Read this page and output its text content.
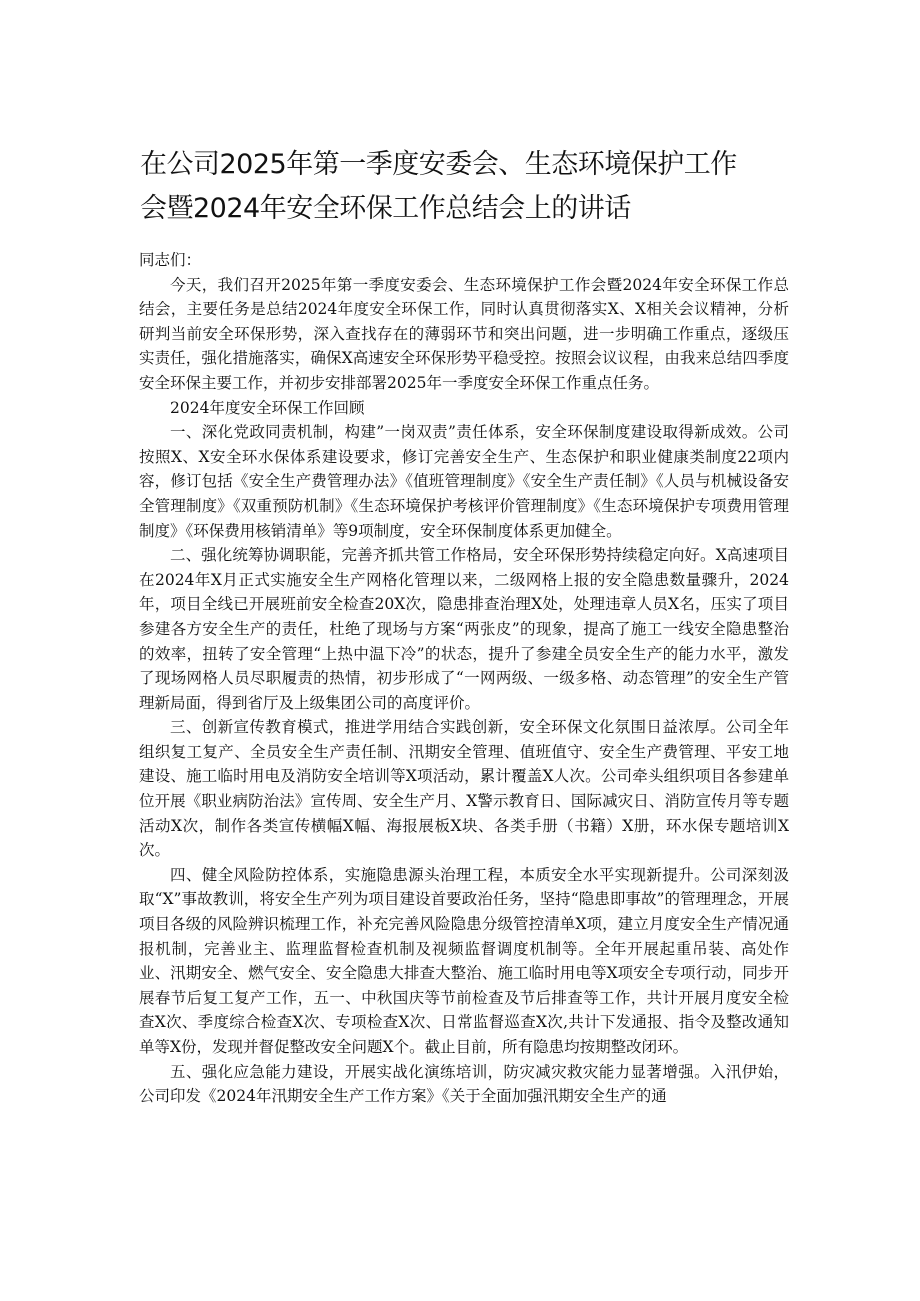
在公司2025年第一季度安委会、生态环境保护工作
会暨2024年安全环保工作总结会上的讲话

同志们：

今天，我们召开2025年第一季度安委会、生态环境保护工作会暨2024年安全环保工作总结会，主要任务是总结2024年度安全环保工作，同时认真贯彻落实X、X相关会议精神，分析研判当前安全环保形势，深入查找存在的薄弱环节和突出问题，进一步明确工作重点，逐级压实责任，强化措施落实，确保X高速安全环保形势平稳受控。按照会议议程，由我来总结四季度安全环保主要工作，并初步安排部署2025年一季度安全环保工作重点任务。

2024年度安全环保工作回顾

一、深化党政同责机制，构建”一岗双责”责任体系，安全环保制度建设取得新成效。公司按照X、X安全环水保体系建设要求，修订完善安全生产、生态保护和职业健康类制度22项内容，修订包括《安全生产费管理办法》《值班管理制度》《安全生产责任制》《人员与机械设备安全管理制度》《双重预防机制》《生态环境保护考核评价管理制度》《生态环境保护专项费用管理制度》《环保费用核销清单》等9项制度，安全环保制度体系更加健全。

二、强化统筹协调职能，完善齐抓共管工作格局，安全环保形势持续稳定向好。X高速项目在2024年X月正式实施安全生产网格化管理以来，二级网格上报的安全隐患数量骤升，2024年，项目全线已开展班前安全检查20X次，隐患排查治理X处，处理违章人员X名，压实了项目参建各方安全生产的责任，杜绝了现场与方案“两张皮”的现象，提高了施工一线安全隐患整治的效率，扭转了安全管理“上热中温下冷”的状态，提升了参建全员安全生产的能力水平，激发了现场网格人员尽职履责的热情，初步形成了“一网两级、一级多格、动态管理”的安全生产管理新局面，得到省厅及上级集团公司的高度评价。

三、创新宣传教育模式，推进学用结合实践创新，安全环保文化氛围日益浓厚。公司全年组织复工复产、全员安全生产责任制、汛期安全管理、值班值守、安全生产费管理、平安工地建设、施工临时用电及消防安全培训等X项活动，累计覆盖X人次。公司牵头组织项目各参建单位开展《职业病防治法》宣传周、安全生产月、X警示教育日、国际减灾日、消防宣传月等专题活动X次，制作各类宣传横幅X幅、海报展板X块、各类手册（书籍）X册，环水保专题培训X次。

四、健全风险防控体系，实施隐患源头治理工程，本质安全水平实现新提升。公司深刻汲取“X”事故教训，将安全生产列为项目建设首要政治任务，坚持“隐患即事故”的管理理念，开展项目各级的风险辨识梳理工作，补充完善风险隐患分级管控清单X项，建立月度安全生产情况通报机制，完善业主、监理监督检查机制及视频监督调度机制等。全年开展起重吊装、高处作业、汛期安全、燃气安全、安全隐患大排查大整治、施工临时用电等X项安全专项行动，同步开展春节后复工复产工作，五一、中秋国庆等节前检查及节后排查等工作，共计开展月度安全检查X次、季度综合检查X次、专项检查X次、日常监督巡查X次,共计下发通报、指令及整改通知单等X份，发现并督促整改安全问题X个。截止目前，所有隐患均按期整改闭环。

五、强化应急能力建设，开展实战化演练培训，防灾减灾救灾能力显著增强。入汛伊始，公司印发《2024年汛期安全生产工作方案》《关于全面加强汛期安全生产的通
